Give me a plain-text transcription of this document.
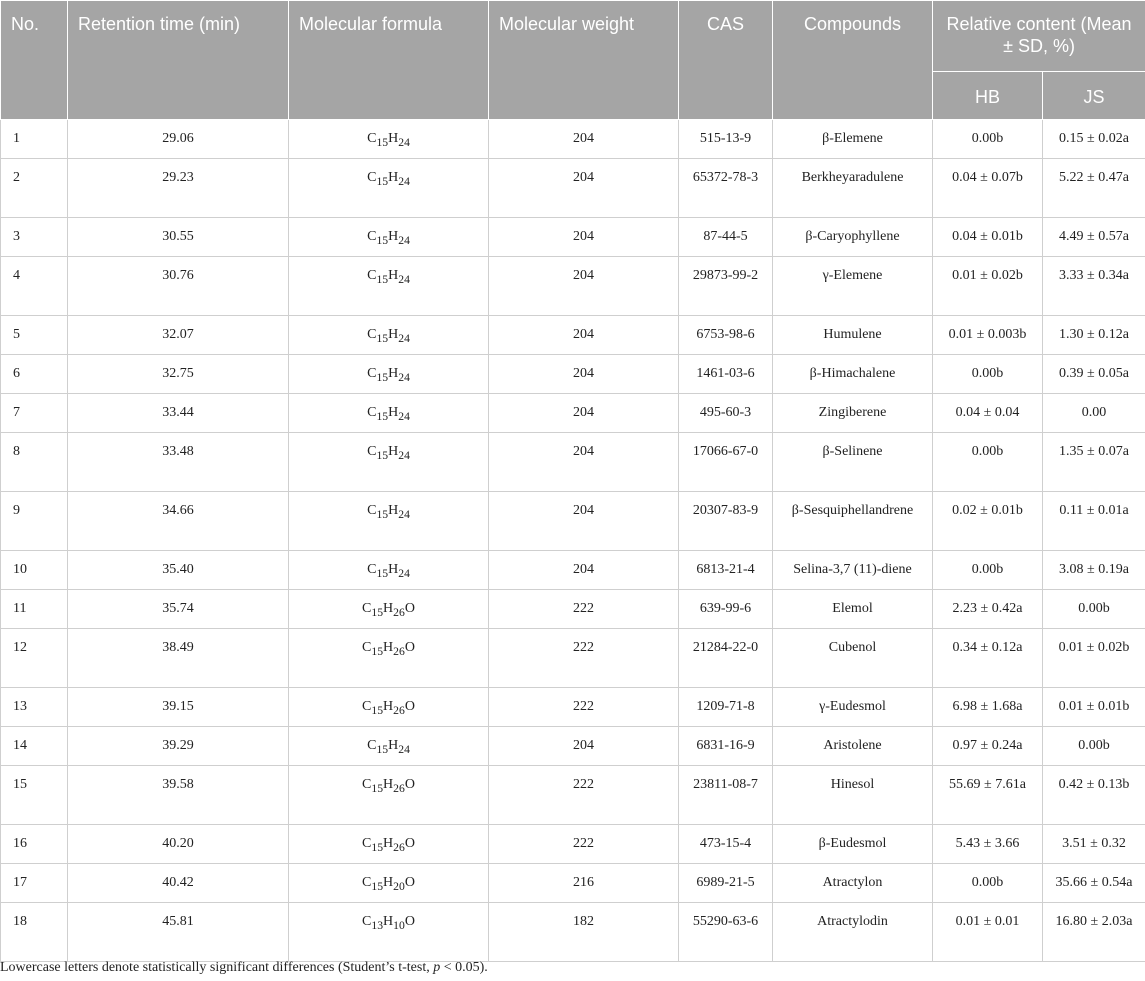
No.	Retention time (min)	Molecular formula	Molecular weight	CAS	Compounds	Relative content (Mean ± SD, %)	
						HB	JS
1	29.06	$C_{15}H_{24}$	204	515-13-9	β-Elemene	0.00b	0.15 ± 0.02a
2	29.23	$C_{15}H_{24}$	204	65372-78-3	Berkheyaradulene	0.04 ± 0.07b	5.22 ± 0.47a
3	30.55	$C_{15}H_{24}$	204	87-44-5	β-Caryophyllene	0.04 ± 0.01b	4.49 ± 0.57a
4	30.76	$C_{15}H_{24}$	204	29873-99-2	γ-Elemene	0.01 ± 0.02b	3.33 ± 0.34a
5	32.07	$C_{15}H_{24}$	204	6753-98-6	Humulene	0.01 ± 0.003b	1.30 ± 0.12a
6	32.75	$C_{15}H_{24}$	204	1461-03-6	β-Himachalene	0.00b	0.39 ± 0.05a
7	33.44	$C_{15}H_{24}$	204	495-60-3	Zingiberene	0.04 ± 0.04	0.00
8	33.48	$C_{15}H_{24}$	204	17066-67-0	β-Selinene	0.00b	1.35 ± 0.07a
9	34.66	$C_{15}H_{24}$	204	20307-83-9	β-Sesquiphellandrene	0.02 ± 0.01b	0.11 ± 0.01a
10	35.40	$C_{15}H_{24}$	204	6813-21-4	Selina-3,7 (11)-diene	0.00b	3.08 ± 0.19a
11	35.74	$C_{15}H_{26}O$	222	639-99-6	Elemol	2.23 ± 0.42a	0.00b
12	38.49	$C_{15}H_{26}O$	222	21284-22-0	Cubenol	0.34 ± 0.12a	0.01 ± 0.02b
13	39.15	$C_{15}H_{26}O$	222	1209-71-8	γ-Eudesmol	6.98 ± 1.68a	0.01 ± 0.01b
14	39.29	$C_{15}H_{24}$	204	6831-16-9	Aristolene	0.97 ± 0.24a	0.00b
15	39.58	$C_{15}H_{26}O$	222	23811-08-7	Hinesol	55.69 ± 7.61a	0.42 ± 0.13b
16	40.20	$C_{15}H_{26}O$	222	473-15-4	β-Eudesmol	5.43 ± 3.66	3.51 ± 0.32
17	40.42	$C_{15}H_{20}O$	216	6989-21-5	Atractylon	0.00b	35.66 ± 0.54a
18	45.81	$C_{13}H_{10}O$	182	55290-63-6	Atractylodin	0.01 ± 0.01	16.80 ± 2.03a
Lowercase letters denote statistically significant differences (Student’s t-test, p < 0.05).
